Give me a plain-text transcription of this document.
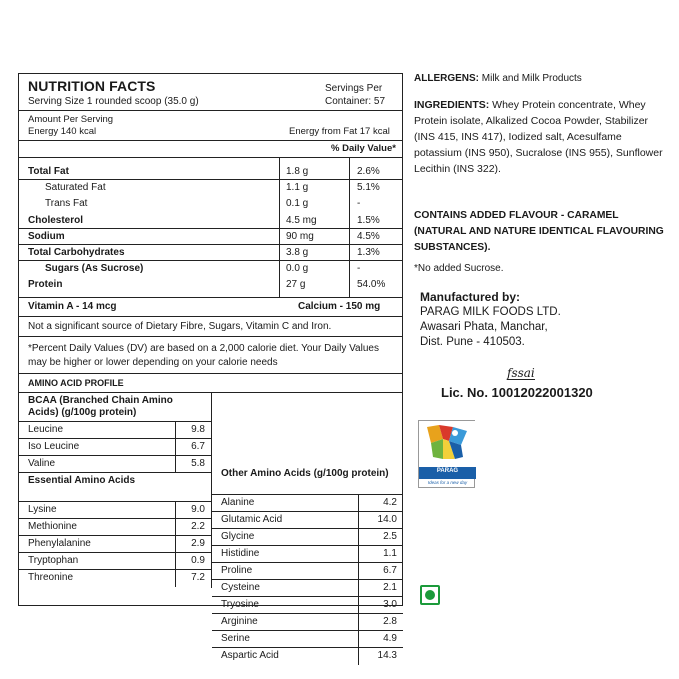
NUTRITION FACTS
Serving Size 1 rounded scoop (35.0 g)
Servings Per
Container: 57
Amount Per Serving
Energy 140 kcal	Energy from Fat 17 kcal
% Daily Value*
Total Fat	1.8 g	2.6%
Saturated Fat	1.1 g	5.1%
Trans Fat	0.1 g	-
Cholesterol	4.5 mg	1.5%
Sodium	90 mg	4.5%
Total Carbohydrates	3.8 g	1.3%
Sugars (As Sucrose)	0.0 g	-
Protein	27 g	54.0%
Vitamin A - 14 mcg	Calcium - 150 mg
Not a significant source of Dietary Fibre, Sugars, Vitamin C and Iron.
*Percent Daily Values (DV) are based on a 2,000 calorie diet. Your Daily Values may be higher or lower depending on your calorie needs
AMINO ACID PROFILE
BCAA (Branched Chain Amino Acids) (g/100g protein)
Leucine	9.8
Iso Leucine	6.7
Valine	5.8
Essential Amino Acids
Lysine	9.0
Methionine	2.2
Phenylalanine	2.9
Tryptophan	0.9
Threonine	7.2
Other Amino Acids (g/100g protein)
Alanine	4.2
Glutamic Acid	14.0
Glycine	2.5
Histidine	1.1
Proline	6.7
Cysteine	2.1
Tryosine	3.0
Arginine	2.8
Serine	4.9
Aspartic Acid	14.3
ALLERGENS: Milk and Milk Products
INGREDIENTS: Whey Protein concentrate, Whey Protein isolate, Alkalized Cocoa Powder, Stabilizer (INS 415, INS 417), Iodized salt, Acesulfame potassium (INS 950), Sucralose (INS 955), Sunflower Lecithin (INS 322).
CONTAINS ADDED FLAVOUR - CARAMEL (NATURAL AND NATURE IDENTICAL FLAVOURING SUBSTANCES).
*No added Sucrose.
Manufactured by:
PARAG MILK FOODS LTD.
Awasari Phata, Manchar,
Dist. Pune - 410503.
fssai
Lic. No. 10012022001320
PARAG
Ideas for a new day
